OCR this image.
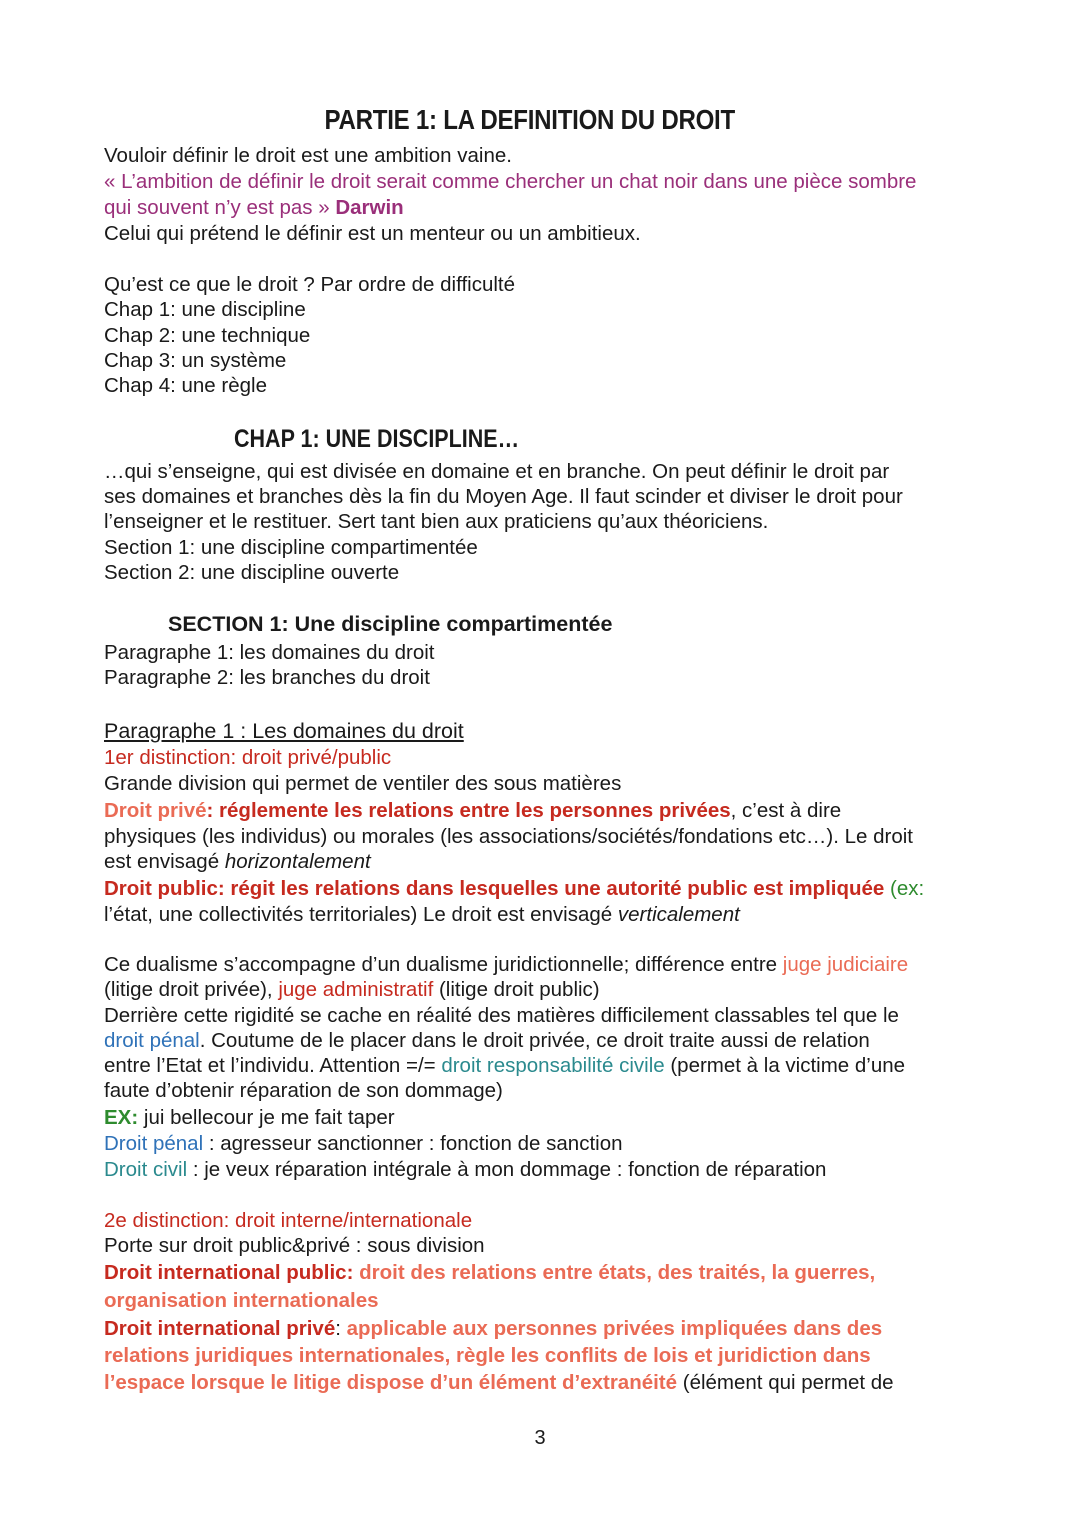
PARTIE 1: LA DEFINITION DU DROIT
Vouloir définir le droit est une ambition vaine.
« L’ambition de définir le droit serait comme chercher un chat noir dans une pièce sombre
qui souvent n’y est pas » Darwin
Celui qui prétend le définir est un menteur ou un ambitieux.
Qu’est ce que le droit ? Par ordre de difficulté
Chap 1: une discipline
Chap 2: une technique
Chap 3: un système
Chap 4: une règle
CHAP 1: UNE DISCIPLINE…
…qui s’enseigne, qui est divisée en domaine et en branche. On peut définir le droit par
ses domaines et branches dès la fin du Moyen Age. Il faut scinder et diviser le droit pour
l’enseigner et le restituer. Sert tant bien aux praticiens qu’aux théoriciens.
Section 1: une discipline compartimentée
Section 2: une discipline ouverte
SECTION 1: Une discipline compartimentée
Paragraphe 1: les domaines du droit
Paragraphe 2: les branches du droit
Paragraphe 1 : Les domaines du droit
1er distinction: droit privé/public
Grande division qui permet de ventiler des sous matières
Droit privé: réglemente les relations entre les personnes privées, c’est à dire
physiques (les individus) ou morales (les associations/sociétés/fondations etc…). Le droit
est envisagé horizontalement
Droit public: régit les relations dans lesquelles une autorité public est impliquée (ex:
l’état, une collectivités territoriales) Le droit est envisagé verticalement
Ce dualisme s’accompagne d’un dualisme juridictionnelle; différence entre juge judiciaire
(litige droit privée), juge administratif (litige droit public)
Derrière cette rigidité se cache en réalité des matières difficilement classables tel que le
droit pénal. Coutume de le placer dans le droit privée, ce droit traite aussi de relation
entre l’Etat et l’individu. Attention =/= droit responsabilité civile (permet à la victime d’une
faute d’obtenir réparation de son dommage)
EX: jui bellecour je me fait taper
Droit pénal : agresseur sanctionner : fonction de sanction
Droit civil : je veux réparation intégrale à mon dommage : fonction de réparation
2e distinction: droit interne/internationale
Porte sur droit public&privé : sous division
Droit international public: droit des relations entre états, des traités, la guerres,
organisation internationales
Droit international privé: applicable aux personnes privées impliquées dans des
relations juridiques internationales, règle les conflits de lois et juridiction dans
l’espace lorsque le litige dispose d’un élément d’extranéité (élément qui permet de
3
